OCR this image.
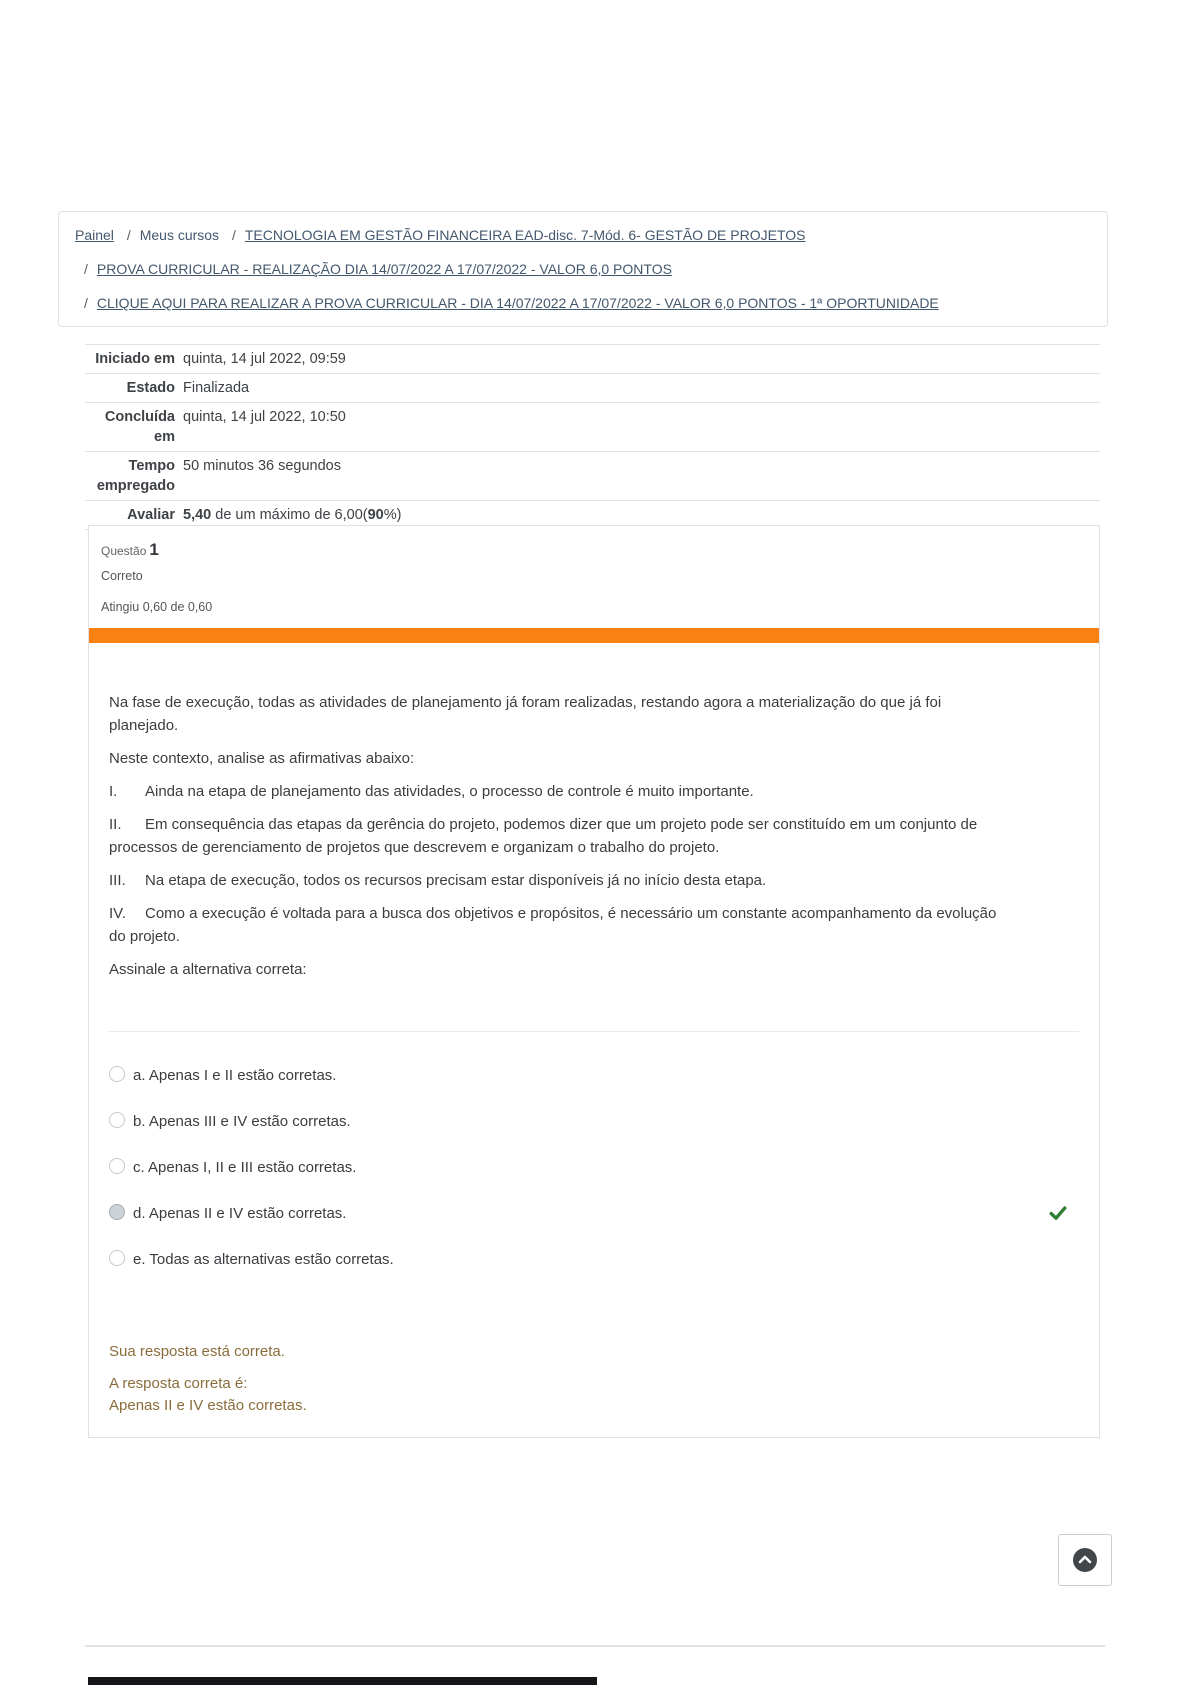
Painel / Meus cursos / TECNOLOGIA EM GESTÃO FINANCEIRA EAD-disc. 7-Mód. 6- GESTÃO DE PROJETOS / PROVA CURRICULAR - REALIZAÇÃO DIA 14/07/2022 A 17/07/2022 - VALOR 6,0 PONTOS / CLIQUE AQUI PARA REALIZAR A PROVA CURRICULAR - DIA 14/07/2022 A 17/07/2022 - VALOR 6,0 PONTOS - 1ª OPORTUNIDADE
Iniciado em	quinta, 14 jul 2022, 09:59
Estado	Finalizada
Concluída em	quinta, 14 jul 2022, 10:50
Tempo empregado	50 minutos 36 segundos
Avaliar	5,40 de um máximo de 6,00(90%)
Questão 1
Correto
Atingiu 0,60 de 0,60

Na fase de execução, todas as atividades de planejamento já foram realizadas, restando agora a materialização do que já foi planejado.

Neste contexto, analise as afirmativas abaixo:

I. Ainda na etapa de planejamento das atividades, o processo de controle é muito importante.
II. Em consequência das etapas da gerência do projeto, podemos dizer que um projeto pode ser constituído em um conjunto de processos de gerenciamento de projetos que descrevem e organizam o trabalho do projeto.
III. Na etapa de execução, todos os recursos precisam estar disponíveis já no início desta etapa.
IV. Como a execução é voltada para a busca dos objetivos e propósitos, é necessário um constante acompanhamento da evolução do projeto.

Assinale a alternativa correta:

a. Apenas I e II estão corretas.
b. Apenas III e IV estão corretas.
c. Apenas I, II e III estão corretas.
d. Apenas II e IV estão corretas.
e. Todas as alternativas estão corretas.

Sua resposta está correta.

A resposta correta é:
Apenas II e IV estão corretas.
